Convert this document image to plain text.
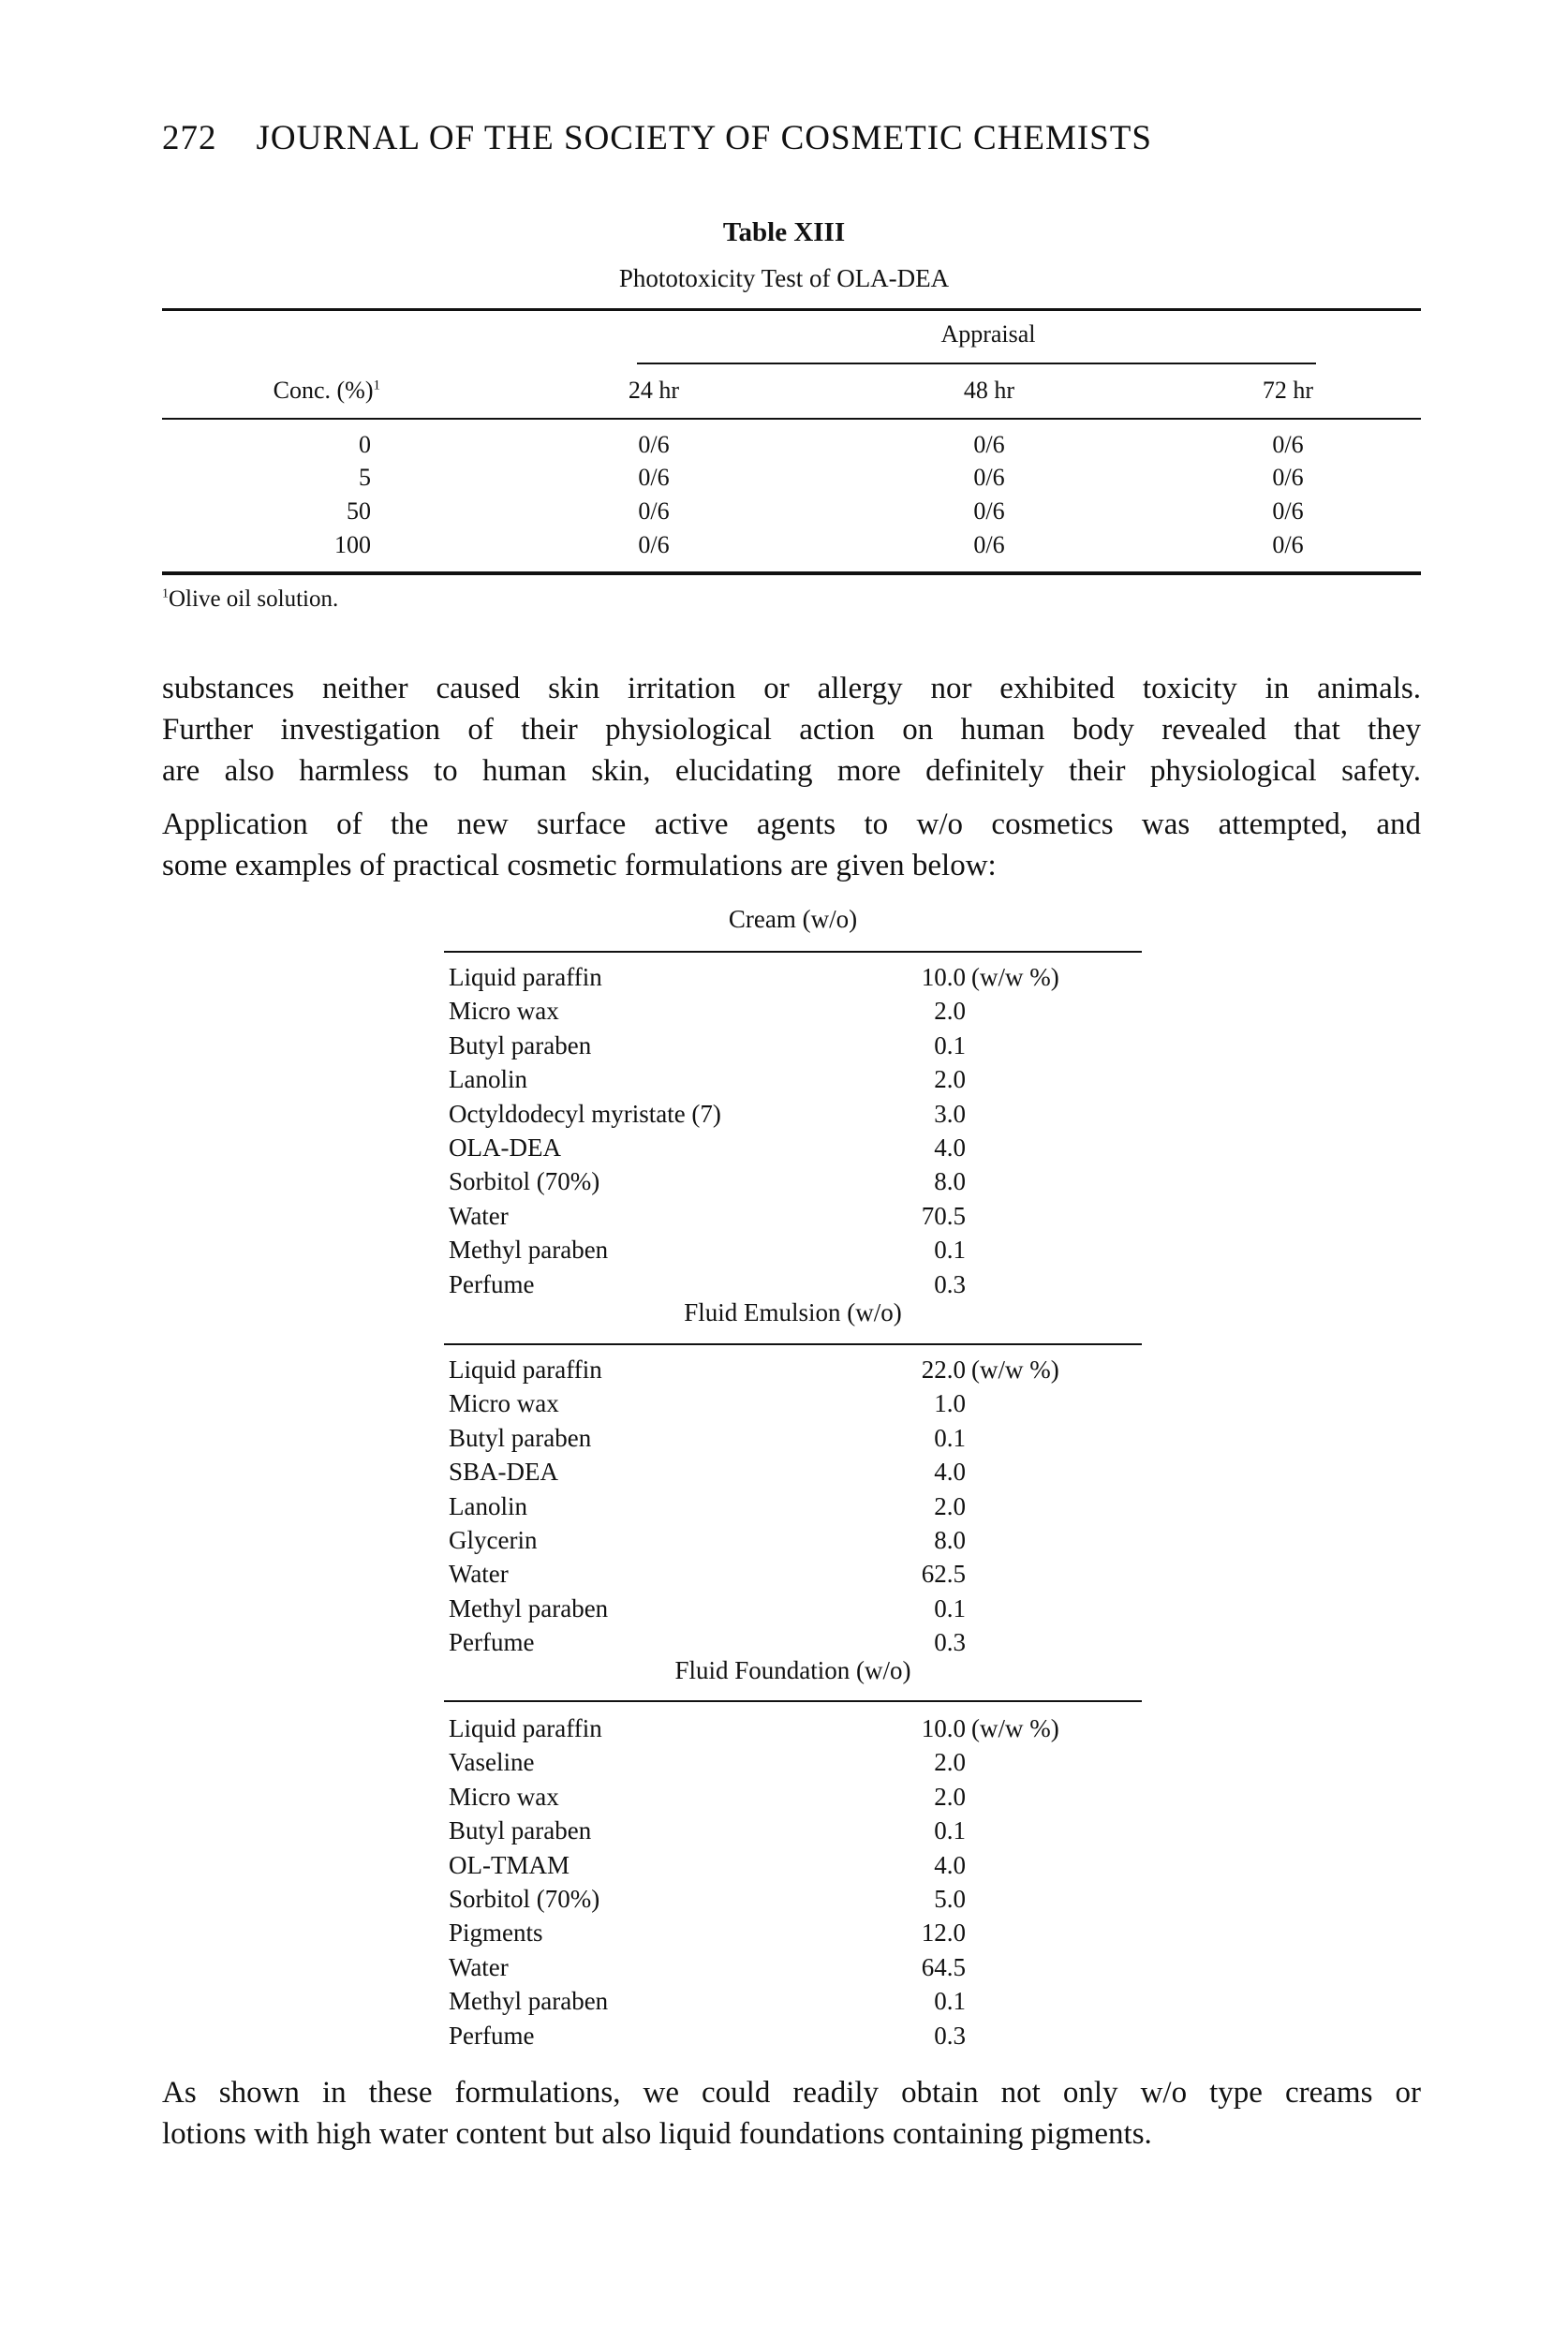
272 JOURNAL OF THE SOCIETY OF COSMETIC CHEMISTS
Table XIII
Phototoxicity Test of OLA-DEA
Appraisal
Conc. (%)$^1$	24 hr	48 hr	72 hr
0	0/6	0/6	0/6
5	0/6	0/6	0/6
50	0/6	0/6	0/6
100	0/6	0/6	0/6
$^1$Olive oil solution.
substances neither caused skin irritation or allergy nor exhibited toxicity in animals.
Further investigation of their physiological action on human body revealed that they
are also harmless to human skin, elucidating more definitely their physiological safety.
Application of the new surface active agents to w/o cosmetics was attempted, and
some examples of practical cosmetic formulations are given below:
Cream (w/o)
Liquid paraffin	10.0 (w/w %)
Micro wax	2.0
Butyl paraben	0.1
Lanolin	2.0
Octyldodecyl myristate (7)	3.0
OLA-DEA	4.0
Sorbitol (70%)	8.0
Water	70.5
Methyl paraben	0.1
Perfume	0.3
Fluid Emulsion (w/o)
Liquid paraffin	22.0 (w/w %)
Micro wax	1.0
Butyl paraben	0.1
SBA-DEA	4.0
Lanolin	2.0
Glycerin	8.0
Water	62.5
Methyl paraben	0.1
Perfume	0.3
Fluid Foundation (w/o)
Liquid paraffin	10.0 (w/w %)
Vaseline	2.0
Micro wax	2.0
Butyl paraben	0.1
OL-TMAM	4.0
Sorbitol (70%)	5.0
Pigments	12.0
Water	64.5
Methyl paraben	0.1
Perfume	0.3
As shown in these formulations, we could readily obtain not only w/o type creams or
lotions with high water content but also liquid foundations containing pigments.
